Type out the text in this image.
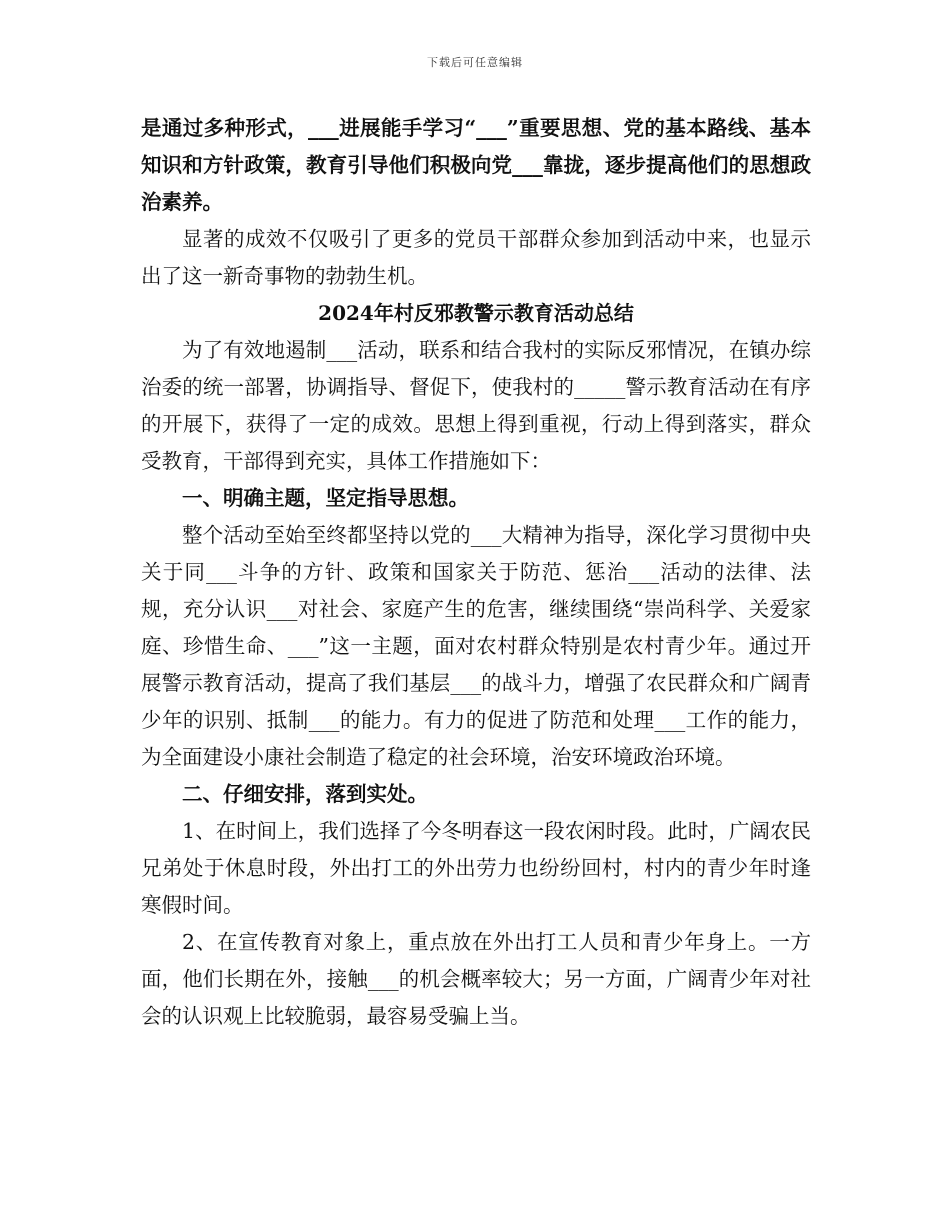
下载后可任意编辑

是通过多种形式，___进展能手学习“___”重要思想、党的基本路线、基本知识和方针政策，教育引导他们积极向党___靠拢，逐步提高他们的思想政治素养。

显著的成效不仅吸引了更多的党员干部群众参加到活动中来，也显示出了这一新奇事物的勃勃生机。

2024年村反邪教警示教育活动总结

为了有效地遏制___活动，联系和结合我村的实际反邪情况，在镇办综治委的统一部署，协调指导、督促下，使我村的_____警示教育活动在有序的开展下，获得了一定的成效。思想上得到重视，行动上得到落实，群众受教育，干部得到充实，具体工作措施如下：

一、明确主题，坚定指导思想。

整个活动至始至终都坚持以党的___大精神为指导，深化学习贯彻中央关于同___斗争的方针、政策和国家关于防范、惩治___活动的法律、法规，充分认识___对社会、家庭产生的危害，继续围绕“崇尚科学、关爱家庭、珍惜生命、___”这一主题，面对农村群众特别是农村青少年。通过开展警示教育活动，提高了我们基层___的战斗力，增强了农民群众和广阔青少年的识别、抵制___的能力。有力的促进了防范和处理___工作的能力，为全面建设小康社会制造了稳定的社会环境，治安环境政治环境。

二、仔细安排，落到实处。

1、在时间上，我们选择了今冬明春这一段农闲时段。此时，广阔农民兄弟处于休息时段，外出打工的外出劳力也纷纷回村，村内的青少年时逢寒假时间。

2、在宣传教育对象上，重点放在外出打工人员和青少年身上。一方面，他们长期在外，接触___的机会概率较大；另一方面，广阔青少年对社会的认识观上比较脆弱，最容易受骗上当。
